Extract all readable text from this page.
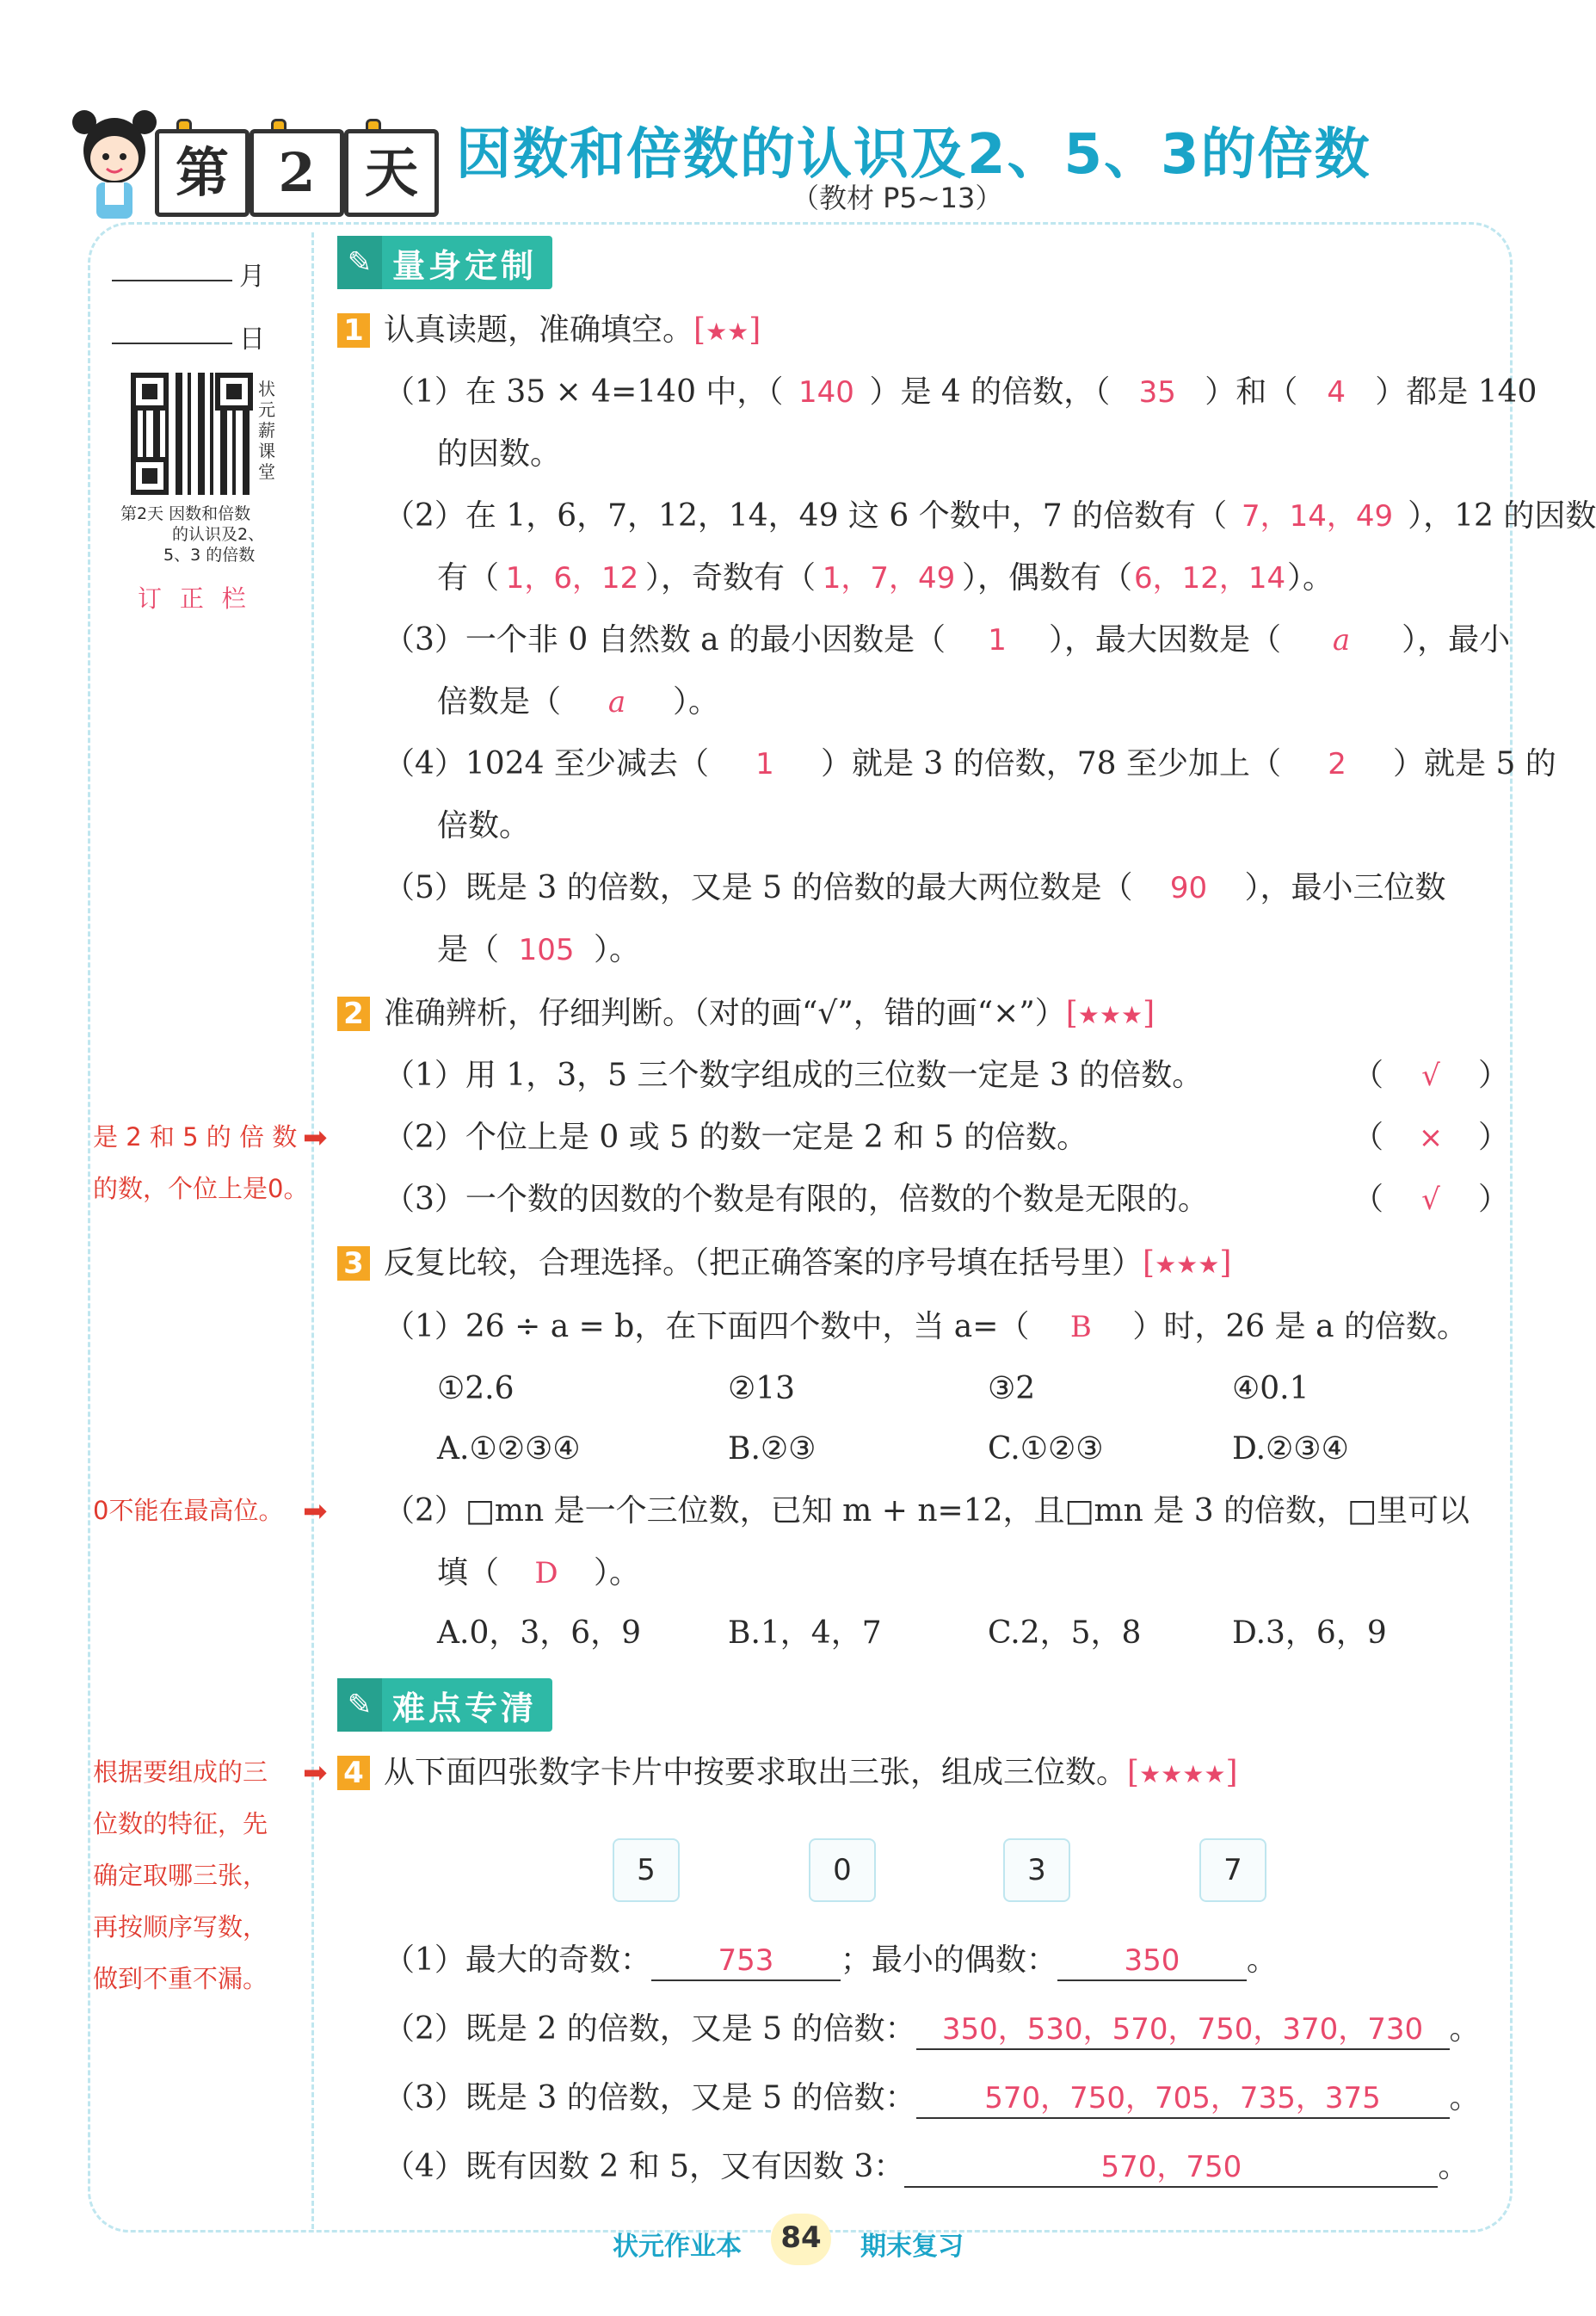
第 2 天 因数和倍数的认识及2、5、3的倍数
（教材 P5~13）
月
日
状元薪课堂
第2天 因数和倍数
的认识及2、
5、3 的倍数
订 正 栏
是 2 和 5 的 倍 数
的数，个位上是0。
➡
0不能在最高位。 ➡
根据要组成的三
位数的特征，先
确定取哪三张，
再按顺序写数，
做到不重不漏。
➡
✎ 量身定制
1 认真读题，准确填空。[★★]
（1）在 35 × 4=140 中，（ 140 ）是 4 的倍数，（ 35 ）和（ 4 ）都是 140
的因数。
（2）在 1，6，7，12，14，49 这 6 个数中，7 的倍数有（ 7，14，49 ），12 的因数
有（ 1，6，12 ），奇数有（ 1，7，49 ），偶数有（6，12，14）。
（3）一个非 0 自然数 a 的最小因数是（ 1 ），最大因数是（ a ），最小
倍数是（ a ）。
（4）1024 至少减去（ 1 ）就是 3 的倍数，78 至少加上（ 2 ）就是 5 的
倍数。
（5）既是 3 的倍数，又是 5 的倍数的最大两位数是（ 90 ），最小三位数
是（ 105 ）。
2 准确辨析，仔细判断。（对的画“√”，错的画“×”）[★★★]
（1）用 1，3，5 三个数字组成的三位数一定是 3 的倍数。	（ √ ）
（2）个位上是 0 或 5 的数一定是 2 和 5 的倍数。	（ × ）
（3）一个数的因数的个数是有限的，倍数的个数是无限的。	（ √ ）
3 反复比较，合理选择。（把正确答案的序号填在括号里）[★★★]
（1）26 ÷ a = b，在下面四个数中，当 a=（ B ）时，26 是 a 的倍数。
①2.6	②13	③2	④0.1
A.①②③④	B.②③	C.①②③	D.②③④
（2）□mn 是一个三位数，已知 m + n=12，且□mn 是 3 的倍数，□里可以
填（ D ）。
A.0，3，6，9	B.1，4，7	C.2，5，8	D.3，6，9
✎ 难点专清
4 从下面四张数字卡片中按要求取出三张，组成三位数。[★★★★]
5	0	3	7
（1）最大的奇数： 753 ；最小的偶数： 350 。
（2）既是 2 的倍数，又是 5 的倍数： 350，530，570，750，370，730 。
（3）既是 3 的倍数，又是 5 的倍数： 570，750，705，735，375 。
（4）既有因数 2 和 5，又有因数 3：	570，750	。
状元作业本	84	期末复习
